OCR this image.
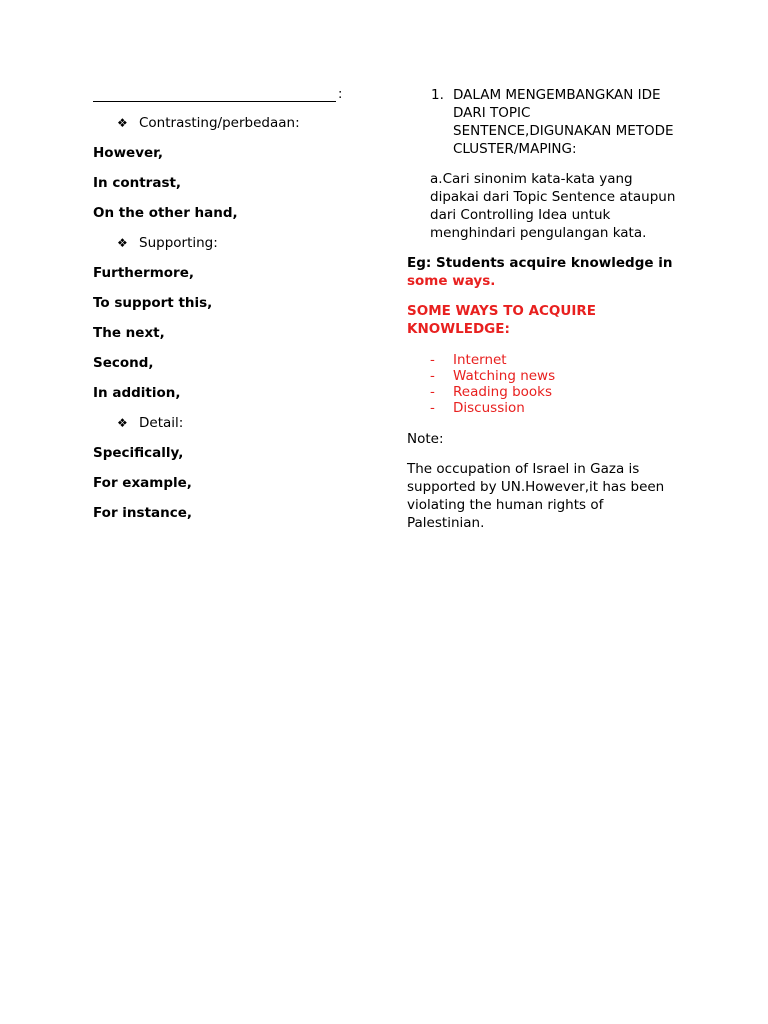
:
❖ Contrasting/perbedaan:
However,
In contrast,
On the other hand,
❖ Supporting:
Furthermore,
To support this,
The next,
Second,
In addition,
❖ Detail:
Specifically,
For example,
For instance,
1. DALAM MENGEMBANGKAN IDE DARI TOPIC SENTENCE,DIGUNAKAN METODE CLUSTER/MAPING:
a.Cari sinonim kata-kata yang dipakai dari Topic Sentence ataupun dari Controlling Idea untuk menghindari pengulangan kata.
Eg: Students acquire knowledge in some ways.
SOME WAYS TO ACQUIRE KNOWLEDGE:
-	Internet
-	Watching news
-	Reading books
-	Discussion
Note:
The occupation of Israel in Gaza is supported by UN.However,it has been violating the human rights of Palestinian.
